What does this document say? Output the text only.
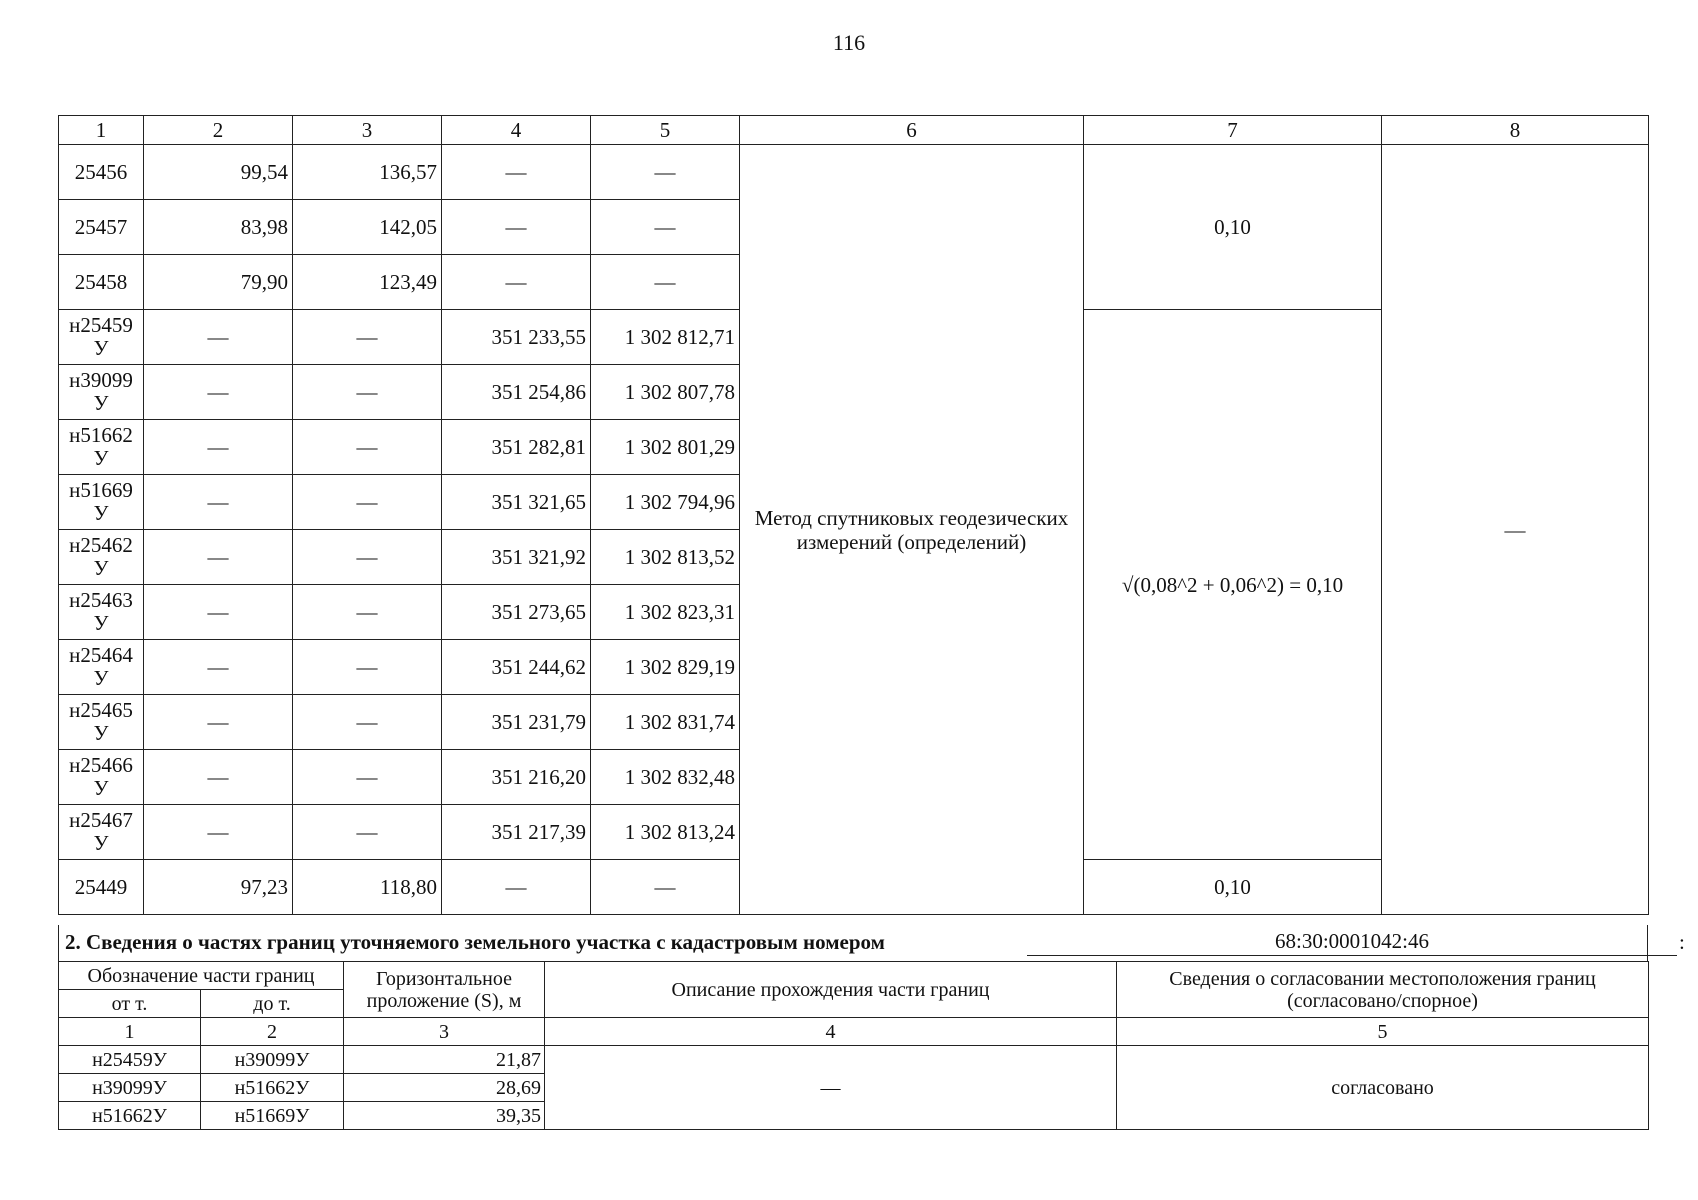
116
1	2	3	4	5	6	7	8
25456	99,54	136,57	—	—	Метод спутниковых геодезических измерений (определений)	0,10	—
25457	83,98	142,05	—	—			
25458	79,90	123,49	—	—			
н25459
У	—	—	351 233,55	1 302 812,71		√(0,08^2 + 0,06^2) = 0,10	
н39099
У	—	—	351 254,86	1 302 807,78			
н51662
У	—	—	351 282,81	1 302 801,29			
н51669
У	—	—	351 321,65	1 302 794,96			
н25462
У	—	—	351 321,92	1 302 813,52			
н25463
У	—	—	351 273,65	1 302 823,31			
н25464
У	—	—	351 244,62	1 302 829,19			
н25465
У	—	—	351 231,79	1 302 831,74			
н25466
У	—	—	351 216,20	1 302 832,48			
н25467
У	—	—	351 217,39	1 302 813,24			
25449	97,23	118,80	—	—		0,10	
2. Сведения о частях границ уточняемого земельного участка с кадастровым номером	68:30:0001042:46	:
Обозначение части границ		Горизонтальное проложение (S), м	Описание прохождения части границ	Сведения о согласовании местоположения границ (согласовано/спорное)
от т.	до т.			
1	2	3	4	5
н25459У	н39099У	21,87	—	согласовано
н39099У	н51662У	28,69		
н51662У	н51669У	39,35		
